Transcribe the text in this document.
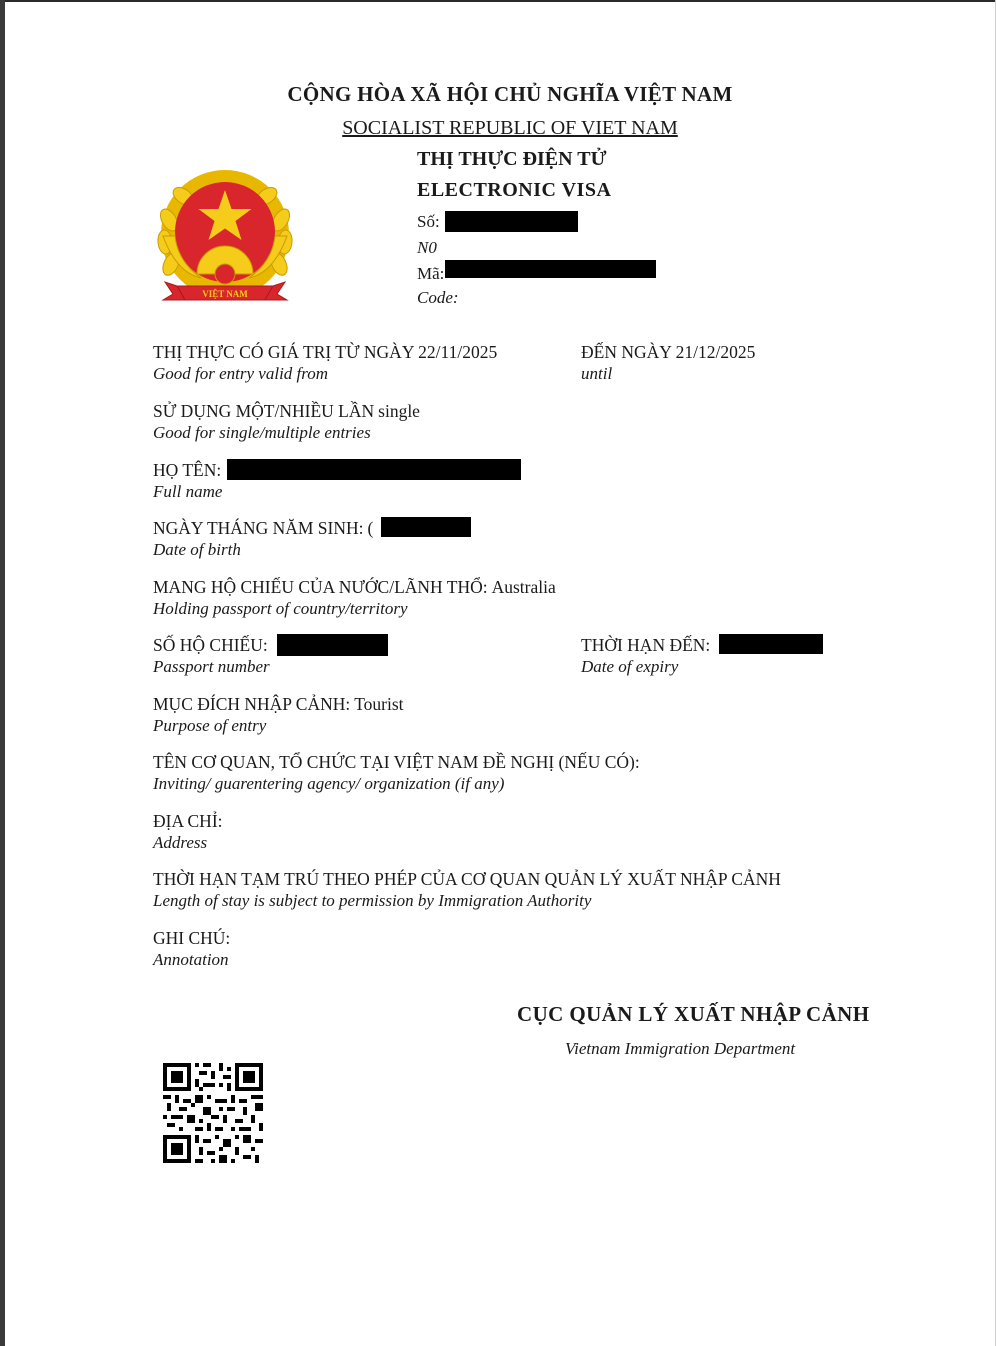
CỘNG HÒA XÃ HỘI CHỦ NGHĨA VIỆT NAM
SOCIALIST REPUBLIC OF VIET NAM
THỊ THỰC ĐIỆN TỬ
ELECTRONIC VISA
VIỆT NAM
Số:
N0
Mã:
Code:
THỊ THỰC CÓ GIÁ TRỊ TỪ NGÀY 22/11/2025
Good for entry valid from
ĐẾN NGÀY 21/12/2025
until
SỬ DỤNG MỘT/NHIỀU LẦN single
Good for single/multiple entries
HỌ TÊN:
Full name
NGÀY THÁNG NĂM SINH: (
Date of birth
MANG HỘ CHIẾU CỦA NƯỚC/LÃNH THỔ: Australia
Holding passport of country/territory
SỐ HỘ CHIẾU:
Passport number
THỜI HẠN ĐẾN:
Date of expiry
MỤC ĐÍCH NHẬP CẢNH: Tourist
Purpose of entry
TÊN CƠ QUAN, TỔ CHỨC TẠI VIỆT NAM ĐỀ NGHỊ (NẾU CÓ):
Inviting/ guarentering agency/ organization (if any)
ĐỊA CHỈ:
Address
THỜI HẠN TẠM TRÚ THEO PHÉP CỦA CƠ QUAN QUẢN LÝ XUẤT NHẬP CẢNH
Length of stay is subject to permission by Immigration Authority
GHI CHÚ:
Annotation
CỤC QUẢN LÝ XUẤT NHẬP CẢNH
Vietnam Immigration Department
